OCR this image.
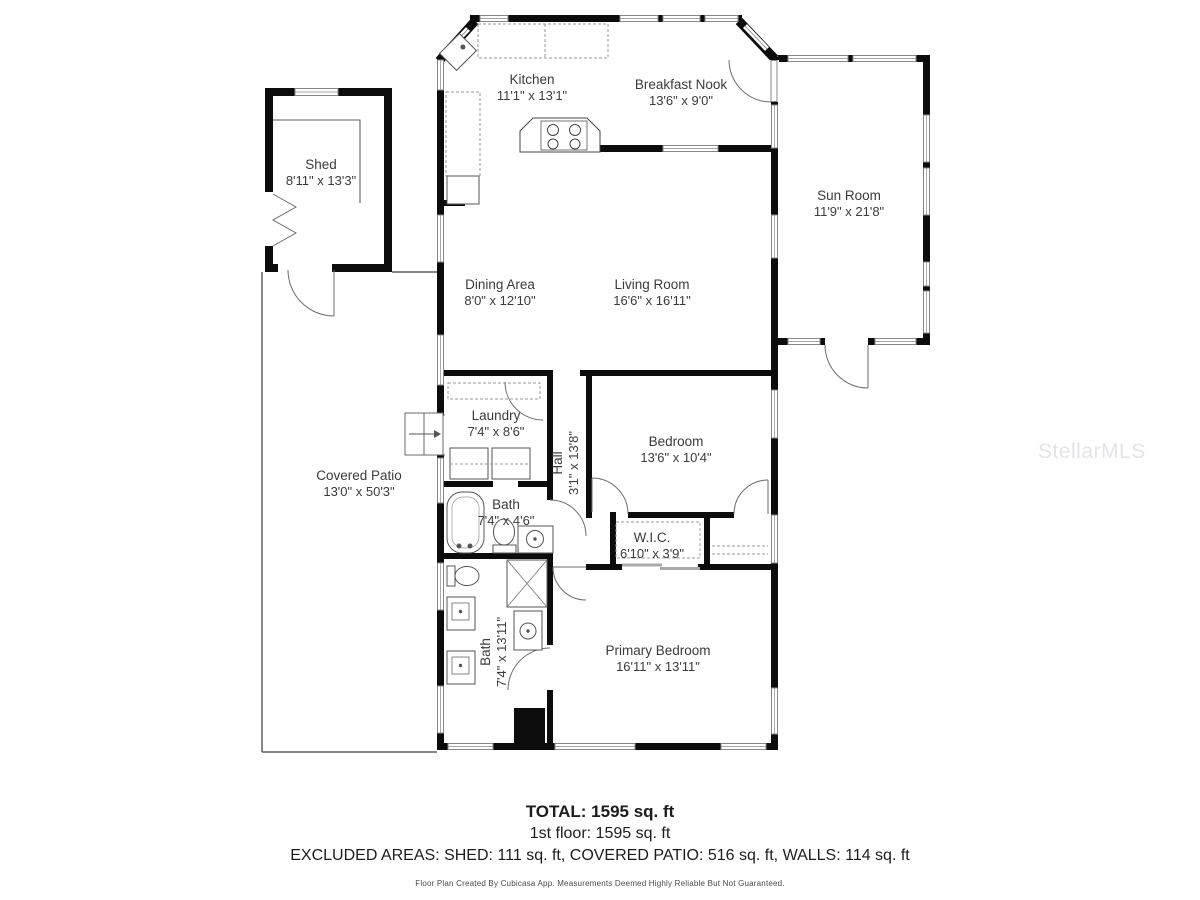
Kitchen
11'1" x 13'1"
Breakfast Nook
13'6" x 9'0"
Shed
8'11" x 13'3"
Sun Room
11'9" x 21'8"
Dining Area
8'0" x 12'10"
Living Room
16'6" x 16'11"
Covered Patio
13'0" x 50'3"
Laundry
7'4" x 8'6"
Hall 3'1" x 13'8"
Bath
7'4" x 4'6"
Bedroom
13'6" x 10'4"
W.I.C.
6'10" x 3'9"
Bath 7'4" x 13'11"	Primary Bedroom
16'11" x 13'11"
TOTAL: 1595 sq. ft
1st floor: 1595 sq. ft
EXCLUDED AREAS: SHED: 111 sq. ft, COVERED PATIO: 516 sq. ft, WALLS: 114 sq. ft
Floor Plan Created By Cubicasa App. Measurements Deemed Highly Reliable But Not Guaranteed.
StellarMLS
